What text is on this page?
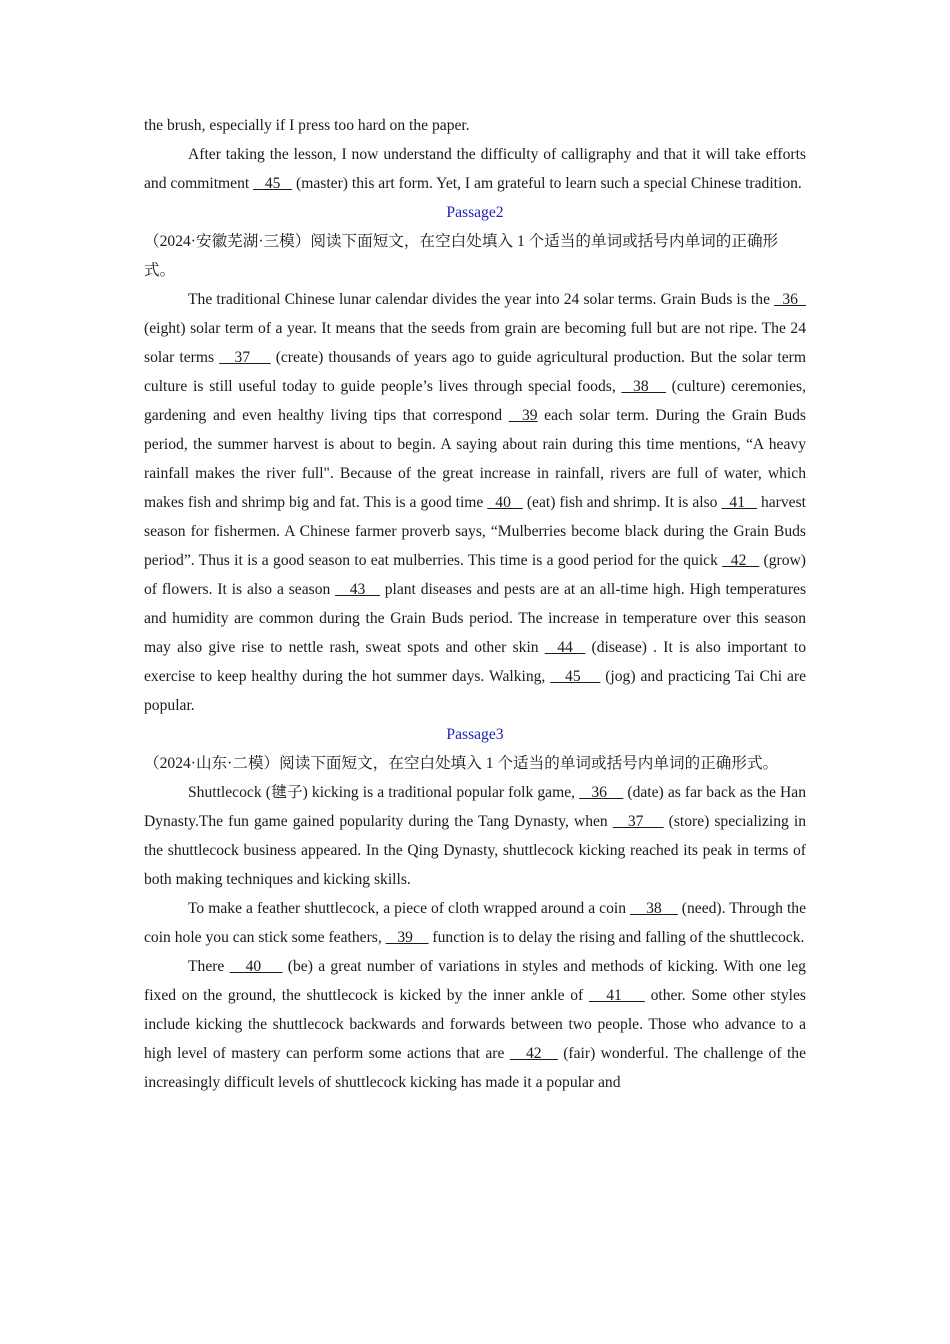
the brush, especially if I press too hard on the paper.

After taking the lesson, I now understand the difficulty of calligraphy and that it will take efforts and commitment    45    (master) this art form. Yet, I am grateful to learn such a special Chinese tradition.

Passage2

（2024·安徽芜湖·三模）阅读下面短文，在空白处填入 1 个适当的单词或括号内单词的正确形式。

The traditional Chinese lunar calendar divides the year into 24 solar terms. Grain Buds is the   36   (eight) solar term of a year. It means that the seeds from grain are becoming full but are not ripe. The 24 solar terms    37     (create) thousands of years ago to guide agricultural production. But the solar term culture is still useful today to guide people’s lives through special foods,   38    (culture) ceremonies, gardening and even healthy living tips that correspond   39 each solar term. During the Grain Buds period, the summer harvest is about to begin. A saying about rain during this time mentions, “A heavy rainfall makes the river full". Because of the great increase in rainfall, rivers are full of water, which makes fish and shrimp big and fat. This is a good time   40    (eat) fish and shrimp. It is also   41    harvest season for fishermen. A Chinese farmer proverb says, “Mulberries become black during the Grain Buds period”. Thus it is a good season to eat mulberries. This time is a good period for the quick   42    (grow) of flowers. It is also a season    43    plant diseases and pests are at an all-time high. High temperatures and humidity are common during the Grain Buds period. The increase in temperature over this season may also give rise to nettle rash, sweat spots and other skin   44   (disease) . It is also important to exercise to keep healthy during the hot summer days. Walking,    45     (jog) and practicing Tai Chi are popular.

Passage3

（2024·山东·二模）阅读下面短文，在空白处填入 1 个适当的单词或括号内单词的正确形式。

Shuttlecock (毽子) kicking is a traditional popular folk game,    36     (date) as far back as the Han Dynasty.The fun game gained popularity during the Tang Dynasty, when    37     (store) specializing in the shuttlecock business appeared. In the Qing Dynasty, shuttlecock kicking reached its peak in terms of both making techniques and kicking skills.

To make a feather shuttlecock, a piece of cloth wrapped around a coin     38     (need). Through the coin hole you can stick some feathers,    39     function is to delay the rising and falling of the shuttlecock.

There    40     (be) a great number of variations in styles and methods of kicking. With one leg fixed on the ground, the shuttlecock is kicked by the inner ankle of    41     other. Some other styles include kicking the shuttlecock backwards and forwards between two people. Those who advance to a high level of mastery can perform some actions that are    42    (fair) wonderful. The challenge of the increasingly difficult levels of shuttlecock kicking has made it a popular and
